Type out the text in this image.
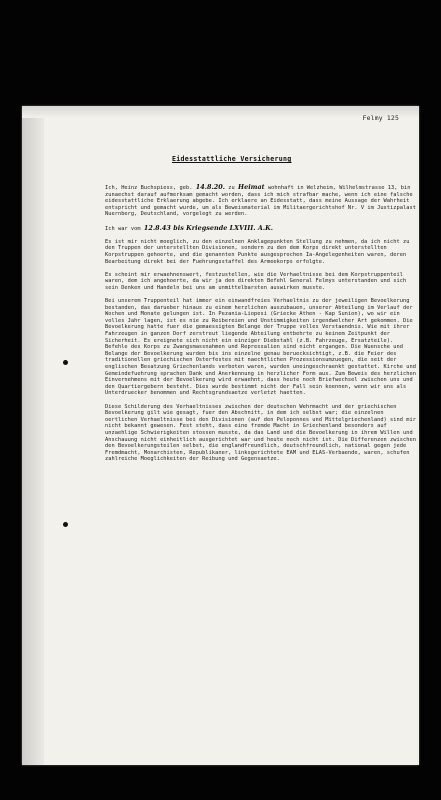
Felmy 125
Eidesstattliche Versicherung

Ich, Heinz Buchspiess, geb. 14.8.20. zu Heimat wohnhaft in Welzheim, Wilhelmstrasse 13, bin zunaechst darauf aufmerksam gemacht worden, dass ich mich strafbar mache, wenn ich eine falsche eidesstattliche Erklaerung abgebe. Ich erklaere an Eidesstatt, dass meine Aussage der Wahrheit entspricht und gemacht wurde, um als Beweismaterial im Militaergerichtshof Nr. V im Justizpalast Nuernberg, Deutschland, vorgelegt zu werden.

Ich war vom 12.8.43 bis Kriegsende LXVIII. A.K.

Es ist mir nicht moeglich, zu den einzelnen Anklagepunkten Stellung zu nehmen, da ich nicht zu den Truppen der unterstellten Divisionen, sondern zu den dem Korps direkt unterstellten Korpstruppen gehoerte, und die genannten Punkte ausgesprochen Ia-Angelegenheiten waren, deren Bearbeitung direkt bei der Fuehrungsstaffel des Armeekorps erfolgte.

Es scheint mir erwaehnenswert, festzustellen, wie die Verhaeltnisse bei dem Korpstruppenteil waren, dem ich angehoerte, da wir ja den direkten Befehl General Felmys unterstanden und sich sein Denken und Handeln bei uns am unmittelbarsten auswirken musste.

Bei unserem Truppenteil hat immer ein einwandfreies Verhaeltnis zu der jeweiligen Bevoelkerung bestanden, das darueber hinaus zu einem herzlichen auszubauen, unserer Abteilung im Verlauf der Wochen und Monate gelungen ist. In Pezania-Liopesi (Griecke Athen - Kap Sunion), wo wir ein volles Jahr lagen, ist es nie zu Reibereien und Unstimmigkeiten irgendwelcher Art gekommen. Die Bevoelkerung hatte fuer die gemaessigten Belange der Truppe volles Verstaendnis. Wie mit ihrer Fahrzeugen in ganzen Dorf zerstreut liegende Abteilung entbehrte zu keinem Zeitpunkt der Sicherheit. Es ereignete sich nicht ein einziger Diebstahl (z.B. Fahrzeuge, Ersatzteile). Befehle des Korps zu Zwangsmassnahmen und Repressalien sind nicht ergangen. Die Wuensche und Belange der Bevoelkerung wurden bis ins einzelne genau beruecksichtigt, z.B. die Feier des traditionellen griechischen Osterfestes mit naechtlichen Prozessionsumzuegen, die seit der englischen Besatzung Griechenlands verboten waren, wurden uneingeschraenkt gestattet. Kirche und Gemeindefuehrung sprachen Dank und Anerkennung in herzlicher Form aus. Zum Beweis des herzlichen Einvernehmens mit der Bevoelkerung wird erwaehnt, dass heute noch Briefwechsel zwischen uns und den Quartiergebern besteht. Dies wurde bestimmt nicht der Fall sein koennen, wenn wir uns als Unterdruecker benommen und Rechtsgrundsaetze verletzt haetten.

Diese Schilderung des Verhaeltnisses zwischen der deutschen Wehrmacht und der griechischen Bevoelkerung gilt wie gesagt, fuer den Abschnitt, in dem ich selbst war; die einzelnen oertlichen Verhaeltnisse bei den Divisionen (auf den Peloponnes und Mittelgriechenland) sind mir nicht bekannt gewesen. Fest steht, dass eine fremde Macht in Griechenland besonders auf unzaehlige Schwierigkeiten stossen musste, da das Land und die Bevoelkerung in ihrem Willen und Anschauung nicht einheitlich ausgerichtet war und heute noch nicht ist. Die Differenzen zwischen den Bevoelkerungsteilen selbst, die englandfreundlich, deutschfreundlich, national gegen jede Fremdmacht, Monarchisten, Republikaner, linksgerichtete EAM und ELAS-Verbaende, waren, schufen zahlreiche Moeglichkeiten der Reibung und Gegensaetze.
